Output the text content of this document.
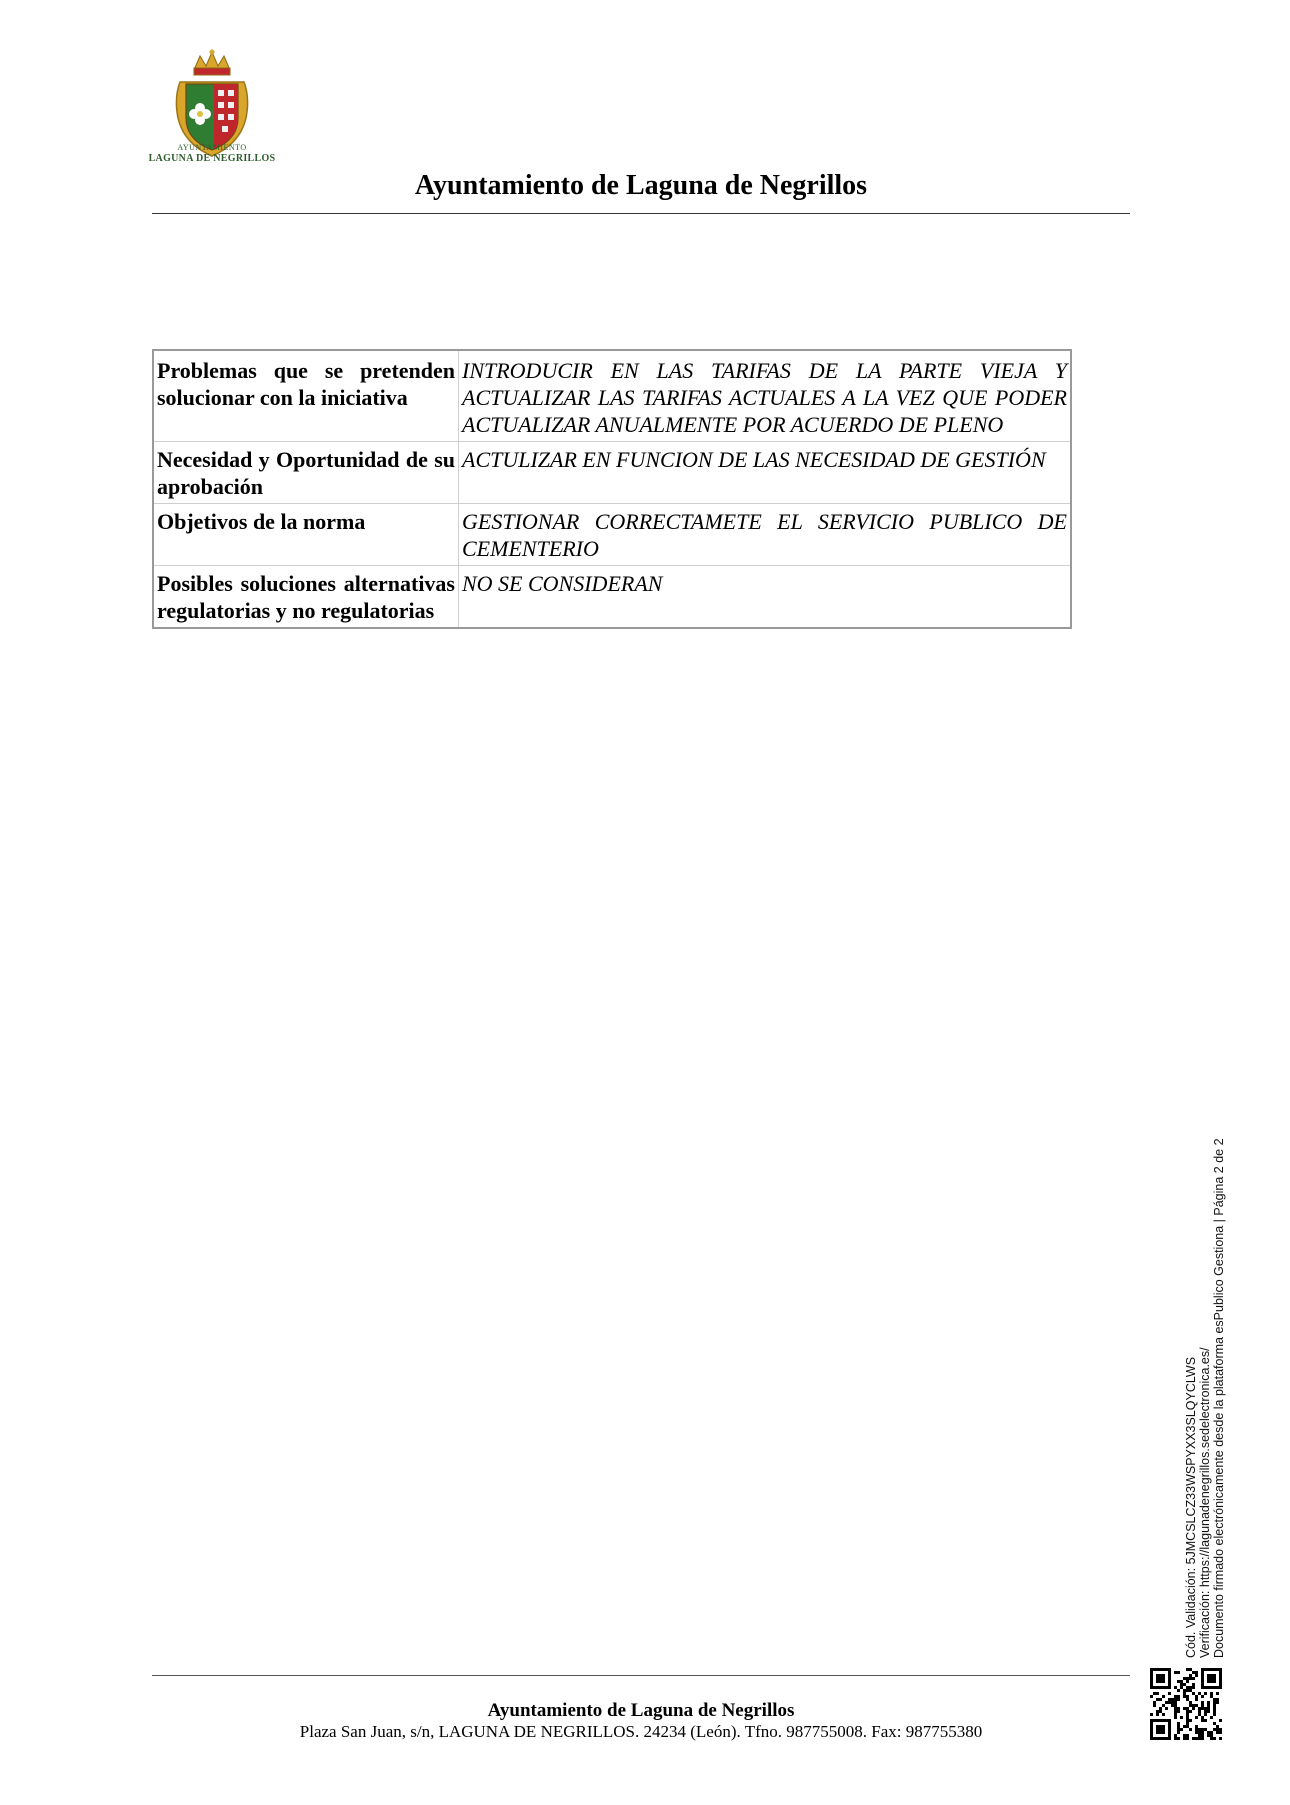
AYUNTAMIENTO
LAGUNA DE NEGRILLOS
Ayuntamiento de Laguna de Negrillos
Problemas que se pretenden solucionar con la iniciativa	INTRODUCIR EN LAS TARIFAS DE LA PARTE VIEJA Y ACTUALIZAR LAS TARIFAS ACTUALES A LA VEZ QUE PODER ACTUALIZAR ANUALMENTE POR ACUERDO DE PLENO
Necesidad y Oportunidad de su aprobación	ACTULIZAR EN FUNCION DE LAS NECESIDAD DE GESTIÓN
Objetivos de la norma	GESTIONAR CORRECTAMETE EL SERVICIO PUBLICO DE CEMENTERIO
Posibles soluciones alternativas regulatorias y no regulatorias	NO SE CONSIDERAN
Cód. Validación: 5JMCSLCZ33WSPYXX3SLQYCLWS Verificación: https://lagunadenegrillos.sedelectronica.es/ Documento firmado electrónicamente desde la plataforma esPublico Gestiona | Página 2 de 2
Ayuntamiento de Laguna de Negrillos
Plaza San Juan, s/n, LAGUNA DE NEGRILLOS. 24234 (León). Tfno. 987755008. Fax: 987755380
